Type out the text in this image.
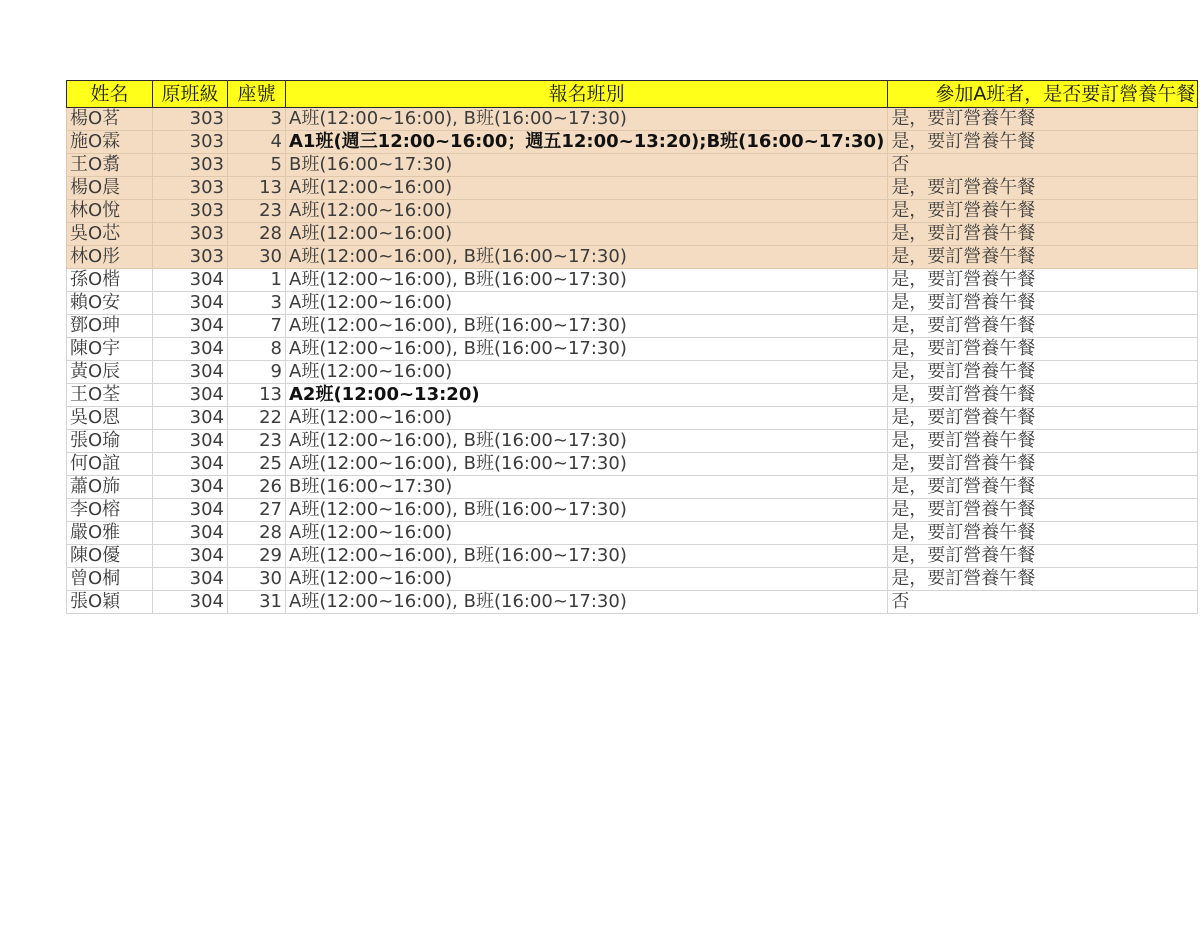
姓名	原班級	座號	報名班別	參加A班者，是否要訂營養午餐
楊O茗	303	3	A班(12:00~16:00), B班(16:00~17:30)	是，要訂營養午餐
施O霖	303	4	A1班(週三12:00~16:00；週五12:00~13:20);B班(16:00~17:30)	是，要訂營養午餐
王O翥	303	5	B班(16:00~17:30)	否
楊O晨	303	13	A班(12:00~16:00)	是，要訂營養午餐
林O悅	303	23	A班(12:00~16:00)	是，要訂營養午餐
吳O芯	303	28	A班(12:00~16:00)	是，要訂營養午餐
林O彤	303	30	A班(12:00~16:00), B班(16:00~17:30)	是，要訂營養午餐
孫O楷	304	1	A班(12:00~16:00), B班(16:00~17:30)	是，要訂營養午餐
賴O安	304	3	A班(12:00~16:00)	是，要訂營養午餐
鄧O珅	304	7	A班(12:00~16:00), B班(16:00~17:30)	是，要訂營養午餐
陳O宇	304	8	A班(12:00~16:00), B班(16:00~17:30)	是，要訂營養午餐
黃O辰	304	9	A班(12:00~16:00)	是，要訂營養午餐
王O荃	304	13	A2班(12:00~13:20)	是，要訂營養午餐
吳O恩	304	22	A班(12:00~16:00)	是，要訂營養午餐
張O瑜	304	23	A班(12:00~16:00), B班(16:00~17:30)	是，要訂營養午餐
何O誼	304	25	A班(12:00~16:00), B班(16:00~17:30)	是，要訂營養午餐
蕭O斾	304	26	B班(16:00~17:30)	是，要訂營養午餐
李O榕	304	27	A班(12:00~16:00), B班(16:00~17:30)	是，要訂營養午餐
嚴O雅	304	28	A班(12:00~16:00)	是，要訂營養午餐
陳O優	304	29	A班(12:00~16:00), B班(16:00~17:30)	是，要訂營養午餐
曾O桐	304	30	A班(12:00~16:00)	是，要訂營養午餐
張O穎	304	31	A班(12:00~16:00), B班(16:00~17:30)	否
